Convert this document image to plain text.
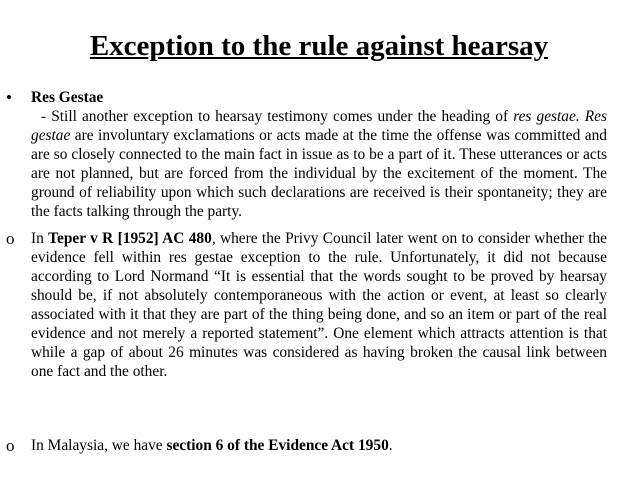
Exception to the rule against hearsay
• Res Gestae
- Still another exception to hearsay testimony comes under the heading of res gestae. Res gestae are involuntary exclamations or acts made at the time the offense was committed and are so closely connected to the main fact in issue as to be a part of it. These utterances or acts are not planned, but are forced from the individual by the excitement of the moment. The ground of reliability upon which such declarations are received is their spontaneity; they are the facts talking through the party.
o In Teper v R [1952] AC 480, where the Privy Council later went on to consider whether the evidence fell within res gestae exception to the rule. Unfortunately, it did not because according to Lord Normand “It is essential that the words sought to be proved by hearsay should be, if not absolutely contemporaneous with the action or event, at least so clearly associated with it that they are part of the thing being done, and so an item or part of the real evidence and not merely a reported statement”. One element which attracts attention is that while a gap of about 26 minutes was considered as having broken the causal link between one fact and the other.
o In Malaysia, we have section 6 of the Evidence Act 1950.
